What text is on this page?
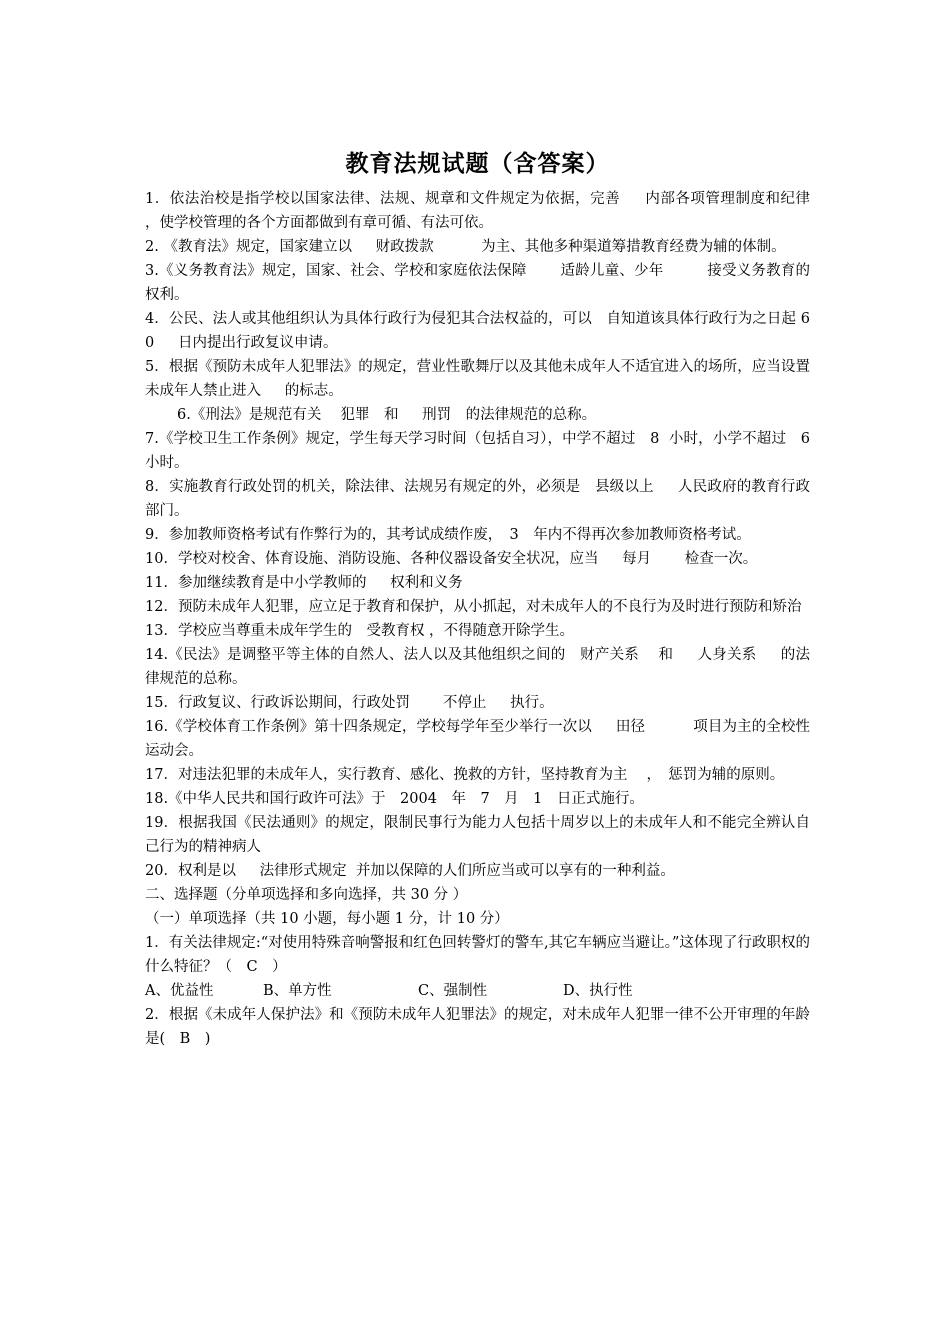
教育法规试题（含答案）

1．依法治校是指学校以国家法律、法规、规章和文件规定为依据，完善　  内部各项管理制度和纪律　　，使学校管理的各个方面都做到有章可循、有法可依。

2. 《教育法》规定，国家建立以　  财政拨款　　    为主、其他多种渠道筹措教育经费为辅的体制。

3.《义务教育法》规定，国家、社会、学校和家庭依法保障　    适龄儿童、少年　　   接受义务教育的权利。

4．公民、法人或其他组织认为具体行政行为侵犯其合法权益的，可以　自知道该具体行政行为之日起 60　  日内提出行政复议申请。

5．根据《预防未成年人犯罪法》的规定，营业性歌舞厅以及其他未成年人不适宜进入的场所，应当设置　  未成年人禁止进入　  的标志。

6.《刑法》是规范有关　 犯罪　和　  刑罚　的法律规范的总称。

7.《学校卫生工作条例》规定，学生每天学习时间（包括自习），中学不超过　8  小时，小学不超过　6  小时。

8．实施教育行政处罚的机关，除法律、法规另有规定的外，必须是　县级以上　  人民政府的教育行政部门。

9．参加教师资格考试有作弊行为的，其考试成绩作废，　3　年内不得再次参加教师资格考试。

10．学校对校舍、体育设施、消防设施、各种仪器设备安全状况，应当　  每月　　 检查一次。

11．参加继续教育是中小学教师的　  权利和义务

12．预防未成年人犯罪，应立足于教育和保护，从小抓起，对未成年人的不良行为及时进行预防和矫治

13．学校应当尊重未成年学生的　受教育权 ，不得随意开除学生。

14.《民法》是调整平等主体的自然人、法人以及其他组织之间的　财产关系　 和　  人身关系　  的法律规范的总称。

15．行政复议、行政诉讼期间，行政处罚　    不停止　  执行。

16.《学校体育工作条例》第十四条规定，学校每学年至少举行一次以　  田径　　    项目为主的全校性运动会。

17．对违法犯罪的未成年人，实行教育、感化、挽救的方针，坚持教育为主　 ，　惩罚为辅的原则。

18.《中华人民共和国行政许可法》于　2004　年　7　月　1　日正式施行。

19．根据我国《民法通则》的规定，限制民事行为能力人包括十周岁以上的未成年人和不能完全辨认自己行为的精神病人

20．权利是以　  法律形式规定  并加以保障的人们所应当或可以享有的一种利益。

二、选择题（分单项选择和多向选择，共 30 分 ）

（一）单项选择（共 10 小题，每小题 1 分，计 10 分）

1．有关法律规定:“对使用特殊音响警报和红色回转警灯的警车,其它车辆应当避让。”这体现了行政职权的什么特征？（　C　）

A、优益性	B、单方性	C、强制性	D、执行性

2．根据《未成年人保护法》和《预防未成年人犯罪法》的规定，对未成年人犯罪一律不公开审理的年龄是(　B　)
